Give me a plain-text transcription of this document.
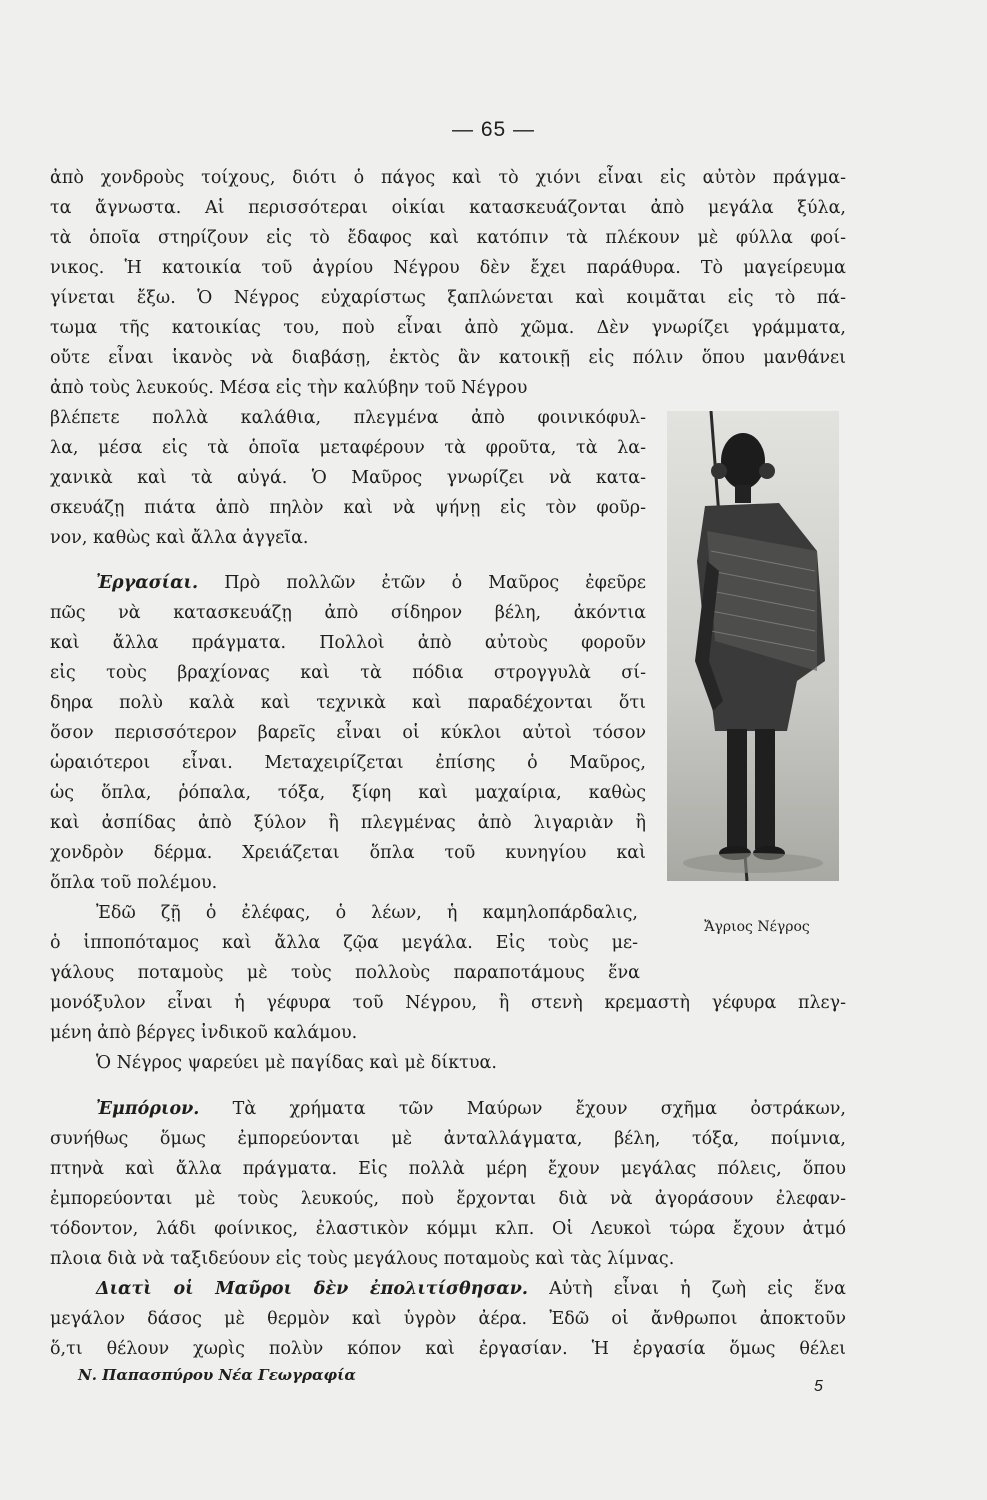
— 65 —
ἀπὸ χονδροὺς τοίχους, διότι ὁ πάγος καὶ τὸ χιόνι εἶναι εἰς αὐτὸν πράγμα-
τα ἄγνωστα. Αἱ περισσότεραι οἰκίαι κατασκευάζονται ἀπὸ μεγάλα ξύλα,
τὰ ὁποῖα στηρίζουν εἰς τὸ ἔδαφος καὶ κατόπιν τὰ πλέκουν μὲ φύλλα φοί-
νικος. Ἡ κατοικία τοῦ ἀγρίου Νέγρου δὲν ἔχει παράθυρα. Τὸ μαγείρευμα
γίνεται ἔξω. Ὁ Νέγρος εὐχαρίστως ξαπλώνεται καὶ κοιμᾶται εἰς τὸ πά-
τωμα τῆς κατοικίας του, ποὺ εἶναι ἀπὸ χῶμα. Δὲν γνωρίζει γράμματα,
οὔτε εἶναι ἱκανὸς νὰ διαβάσῃ, ἐκτὸς ἂν κατοικῇ εἰς πόλιν ὅπου μανθάνει
ἀπὸ τοὺς λευκούς. Μέσα εἰς τὴν καλύβην τοῦ Νέγρου
βλέπετε πολλὰ καλάθια, πλεγμένα ἀπὸ φοινικόφυλ-
λα, μέσα εἰς τὰ ὁποῖα μεταφέρουν τὰ φροῦτα, τὰ λα-
χανικὰ καὶ τὰ αὐγά. Ὁ Μαῦρος γνωρίζει νὰ κατα-
σκευάζῃ πιάτα ἀπὸ πηλὸν καὶ νὰ ψήνῃ εἰς τὸν φοῦρ-
νον, καθὼς καὶ ἄλλα ἀγγεῖα.
Ἐργασίαι. Πρὸ πολλῶν ἐτῶν ὁ Μαῦρος ἐφεῦρε
πῶς νὰ κατασκευάζῃ ἀπὸ σίδηρον βέλη, ἀκόντια
καὶ ἄλλα πράγματα. Πολλοὶ ἀπὸ αὐτοὺς φοροῦν
εἰς τοὺς βραχίονας καὶ τὰ πόδια στρογγυλὰ σί-
δηρα πολὺ καλὰ καὶ τεχνικὰ καὶ παραδέχονται ὅτι
ὅσον περισσότερον βαρεῖς εἶναι οἱ κύκλοι αὐτοὶ τόσον
ὡραιότεροι εἶναι. Μεταχειρίζεται ἐπίσης ὁ Μαῦρος,
ὡς ὅπλα, ῥόπαλα, τόξα, ξίφη καὶ μαχαίρια, καθὼς
καὶ ἀσπίδας ἀπὸ ξύλον ἢ πλεγμένας ἀπὸ λιγαριὰν ἢ
χονδρὸν δέρμα. Χρειάζεται ὅπλα τοῦ κυνηγίου καὶ
ὅπλα τοῦ πολέμου.
Ἐδῶ ζῇ ὁ ἐλέφας, ὁ λέων, ἡ καμηλοπάρδαλις,
ὁ ἱπποπόταμος καὶ ἄλλα ζῷα μεγάλα. Εἰς τοὺς με-
γάλους ποταμοὺς μὲ τοὺς πολλοὺς παραποτάμους ἕνα
μονόξυλον εἶναι ἡ γέφυρα τοῦ Νέγρου, ἢ στενὴ κρεμαστὴ γέφυρα πλεγ-
μένη ἀπὸ βέργες ἰνδικοῦ καλάμου.
Ὁ Νέγρος ψαρεύει μὲ παγίδας καὶ μὲ δίκτυα.
Ἐμπόριον. Τὰ χρήματα τῶν Μαύρων ἔχουν σχῆμα ὀστράκων,
συνήθως ὅμως ἐμπορεύονται μὲ ἀνταλλάγματα, βέλη, τόξα, ποίμνια,
πτηνὰ καὶ ἄλλα πράγματα. Εἰς πολλὰ μέρη ἔχουν μεγάλας πόλεις, ὅπου
ἐμπορεύονται μὲ τοὺς λευκούς, ποὺ ἔρχονται διὰ νὰ ἀγοράσουν ἐλεφαν-
τόδοντον, λάδι φοίνικος, ἐλαστικὸν κόμμι κλπ. Οἱ Λευκοὶ τώρα ἔχουν ἀτμό
πλοια διὰ νὰ ταξιδεύουν εἰς τοὺς μεγάλους ποταμοὺς καὶ τὰς λίμνας.
Διατὶ οἱ Μαῦροι δὲν ἐπολιτίσθησαν. Αὐτὴ εἶναι ἡ ζωὴ εἰς ἕνα
μεγάλον δάσος μὲ θερμὸν καὶ ὑγρὸν ἀέρα. Ἐδῶ οἱ ἄνθρωποι ἀποκτοῦν
ὅ,τι θέλουν χωρὶς πολὺν κόπον καὶ ἐργασίαν. Ἡ ἐργασία ὅμως θέλει
Ἄγριος Νέγρος
Ν. Παπασπύρου Νέα Γεωγραφία
5
